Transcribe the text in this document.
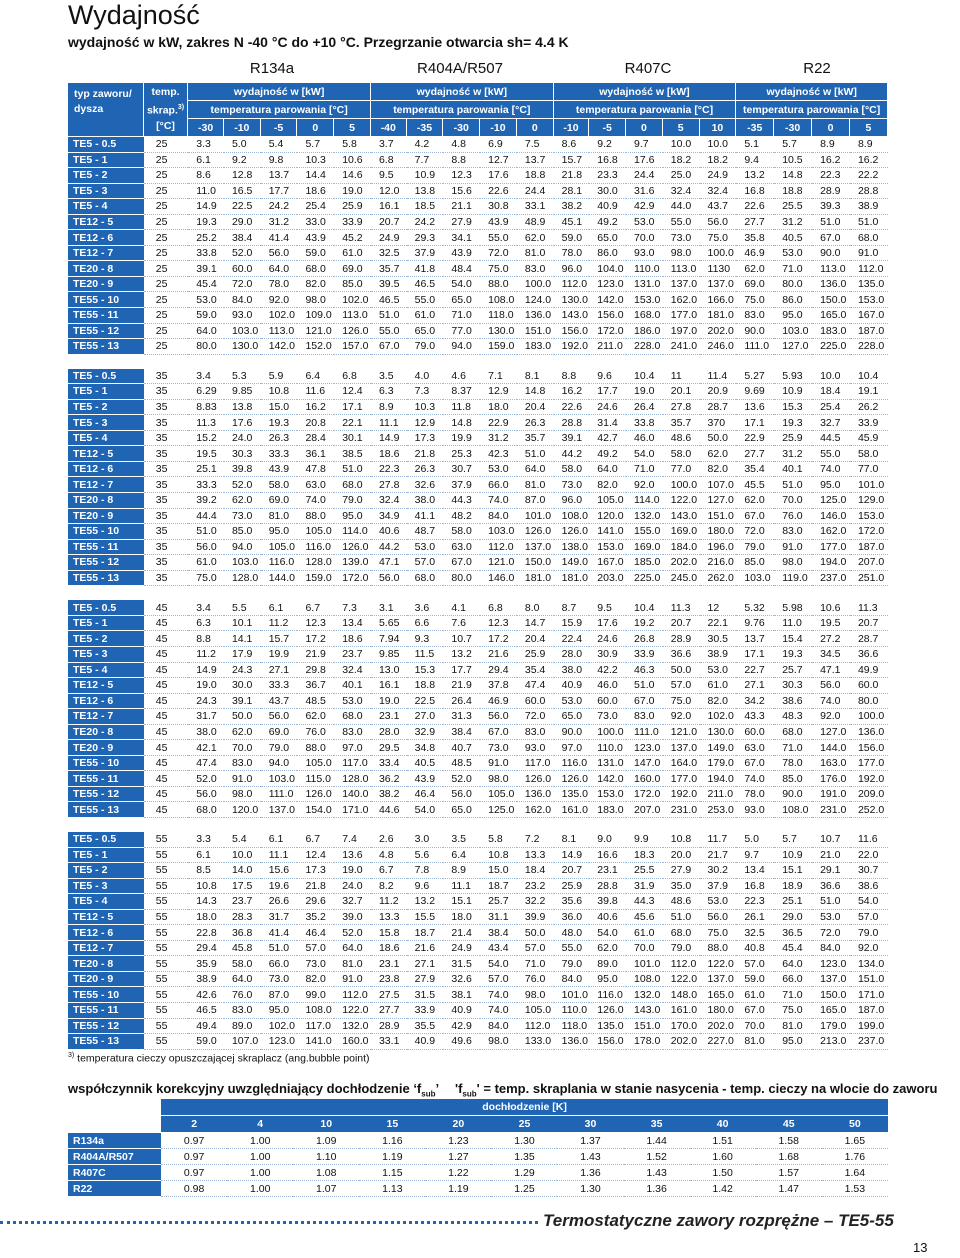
Wydajność
wydajność w kW, zakres N -40 °C do +10 °C. Przegrzanie otwarcia sh= 4.4 K
R134a	R404A/R507	R407C	R22
typ zaworu/ dysza	temp. skrap.$^{3)}$
[°C]	wydajność w [kW]					wydajność w [kW]					wydajność w [kW]					wydajność w [kW]			
		temperatura parowania [°C]					temperatura parowania [°C]					temperatura parowania [°C]					temperatura parowania [°C]			
		-30	-10	-5	0	5	-40	-35	-30	-10	0	-10	-5	0	5	10	-35	-30	0	5
TE5 - 0.5	25	3.3	5.0	5.4	5.7	5.8	3.7	4.2	4.8	6.9	7.5	8.6	9.2	9.7	10.0	10.0	5.1	5.7	8.9	8.9
TE5 - 1	25	6.1	9.2	9.8	10.3	10.6	6.8	7.7	8.8	12.7	13.7	15.7	16.8	17.6	18.2	18.2	9.4	10.5	16.2	16.2
TE5 - 2	25	8.6	12.8	13.7	14.4	14.6	9.5	10.9	12.3	17.6	18.8	21.8	23.3	24.4	25.0	24.9	13.2	14.8	22.3	22.2
TE5 - 3	25	11.0	16.5	17.7	18.6	19.0	12.0	13.8	15.6	22.6	24.4	28.1	30.0	31.6	32.4	32.4	16.8	18.8	28.9	28.8
TE5 - 4	25	14.9	22.5	24.2	25.4	25.9	16.1	18.5	21.1	30.8	33.1	38.2	40.9	42.9	44.0	43.7	22.6	25.5	39.3	38.9
TE12 - 5	25	19.3	29.0	31.2	33.0	33.9	20.7	24.2	27.9	43.9	48.9	45.1	49.2	53.0	55.0	56.0	27.7	31.2	51.0	51.0
TE12 - 6	25	25.2	38.4	41.4	43.9	45.2	24.9	29.3	34.1	55.0	62.0	59.0	65.0	70.0	73.0	75.0	35.8	40.5	67.0	68.0
TE12 - 7	25	33.8	52.0	56.0	59.0	61.0	32.5	37.9	43.9	72.0	81.0	78.0	86.0	93.0	98.0	100.0	46.9	53.0	90.0	91.0
TE20 - 8	25	39.1	60.0	64.0	68.0	69.0	35.7	41.8	48.4	75.0	83.0	96.0	104.0	110.0	113.0	1130	62.0	71.0	113.0	112.0
TE20 - 9	25	45.4	72.0	78.0	82.0	85.0	39.5	46.5	54.0	88.0	100.0	112.0	123.0	131.0	137.0	137.0	69.0	80.0	136.0	135.0
TE55 - 10	25	53.0	84.0	92.0	98.0	102.0	46.5	55.0	65.0	108.0	124.0	130.0	142.0	153.0	162.0	166.0	75.0	86.0	150.0	153.0
TE55 - 11	25	59.0	93.0	102.0	109.0	113.0	51.0	61.0	71.0	118.0	136.0	143.0	156.0	168.0	177.0	181.0	83.0	95.0	165.0	167.0
TE55 - 12	25	64.0	103.0	113.0	121.0	126.0	55.0	65.0	77.0	130.0	151.0	156.0	172.0	186.0	197.0	202.0	90.0	103.0	183.0	187.0
TE55 - 13	25	80.0	130.0	142.0	152.0	157.0	67.0	79.0	94.0	159.0	183.0	192.0	211.0	228.0	241.0	246.0	111.0	127.0	225.0	228.0

TE5 - 0.5	35	3.4	5.3	5.9	6.4	6.8	3.5	4.0	4.6	7.1	8.1	8.8	9.6	10.4	11	11.4	5.27	5.93	10.0	10.4
TE5 - 1	35	6.29	9.85	10.8	11.6	12.4	6.3	7.3	8.37	12.9	14.8	16.2	17.7	19.0	20.1	20.9	9.69	10.9	18.4	19.1
TE5 - 2	35	8.83	13.8	15.0	16.2	17.1	8.9	10.3	11.8	18.0	20.4	22.6	24.6	26.4	27.8	28.7	13.6	15.3	25.4	26.2
TE5 - 3	35	11.3	17.6	19.3	20.8	22.1	11.1	12.9	14.8	22.9	26.3	28.8	31.4	33.8	35.7	370	17.1	19.3	32.7	33.9
TE5 - 4	35	15.2	24.0	26.3	28.4	30.1	14.9	17.3	19.9	31.2	35.7	39.1	42.7	46.0	48.6	50.0	22.9	25.9	44.5	45.9
TE12 - 5	35	19.5	30.3	33.3	36.1	38.5	18.6	21.8	25.3	42.3	51.0	44.2	49.2	54.0	58.0	62.0	27.7	31.2	55.0	58.0
TE12 - 6	35	25.1	39.8	43.9	47.8	51.0	22.3	26.3	30.7	53.0	64.0	58.0	64.0	71.0	77.0	82.0	35.4	40.1	74.0	77.0
TE12 - 7	35	33.3	52.0	58.0	63.0	68.0	27.8	32.6	37.9	66.0	81.0	73.0	82.0	92.0	100.0	107.0	45.5	51.0	95.0	101.0
TE20 - 8	35	39.2	62.0	69.0	74.0	79.0	32.4	38.0	44.3	74.0	87.0	96.0	105.0	114.0	122.0	127.0	62.0	70.0	125.0	129.0
TE20 - 9	35	44.4	73.0	81.0	88.0	95.0	34.9	41.1	48.2	84.0	101.0	108.0	120.0	132.0	143.0	151.0	67.0	76.0	146.0	153.0
TE55 - 10	35	51.0	85.0	95.0	105.0	114.0	40.6	48.7	58.0	103.0	126.0	126.0	141.0	155.0	169.0	180.0	72.0	83.0	162.0	172.0
TE55 - 11	35	56.0	94.0	105.0	116.0	126.0	44.2	53.0	63.0	112.0	137.0	138.0	153.0	169.0	184.0	196.0	79.0	91.0	177.0	187.0
TE55 - 12	35	61.0	103.0	116.0	128.0	139.0	47.1	57.0	67.0	121.0	150.0	149.0	167.0	185.0	202.0	216.0	85.0	98.0	194.0	207.0
TE55 - 13	35	75.0	128.0	144.0	159.0	172.0	56.0	68.0	80.0	146.0	181.0	181.0	203.0	225.0	245.0	262.0	103.0	119.0	237.0	251.0

TE5 - 0.5	45	3.4	5.5	6.1	6.7	7.3	3.1	3.6	4.1	6.8	8.0	8.7	9.5	10.4	11.3	12	5.32	5.98	10.6	11.3
TE5 - 1	45	6.3	10.1	11.2	12.3	13.4	5.65	6.6	7.6	12.3	14.7	15.9	17.6	19.2	20.7	22.1	9.76	11.0	19.5	20.7
TE5 - 2	45	8.8	14.1	15.7	17.2	18.6	7.94	9.3	10.7	17.2	20.4	22.4	24.6	26.8	28.9	30.5	13.7	15.4	27.2	28.7
TE5 - 3	45	11.2	17.9	19.9	21.9	23.7	9.85	11.5	13.2	21.6	25.9	28.0	30.9	33.9	36.6	38.9	17.1	19.3	34.5	36.6
TE5 - 4	45	14.9	24.3	27.1	29.8	32.4	13.0	15.3	17.7	29.4	35.4	38.0	42.2	46.3	50.0	53.0	22.7	25.7	47.1	49.9
TE12 - 5	45	19.0	30.0	33.3	36.7	40.1	16.1	18.8	21.9	37.8	47.4	40.9	46.0	51.0	57.0	61.0	27.1	30.3	56.0	60.0
TE12 - 6	45	24.3	39.1	43.7	48.5	53.0	19.0	22.5	26.4	46.9	60.0	53.0	60.0	67.0	75.0	82.0	34.2	38.6	74.0	80.0
TE12 - 7	45	31.7	50.0	56.0	62.0	68.0	23.1	27.0	31.3	56.0	72.0	65.0	73.0	83.0	92.0	102.0	43.3	48.3	92.0	100.0
TE20 - 8	45	38.0	62.0	69.0	76.0	83.0	28.0	32.9	38.4	67.0	83.0	90.0	100.0	111.0	121.0	130.0	60.0	68.0	127.0	136.0
TE20 - 9	45	42.1	70.0	79.0	88.0	97.0	29.5	34.8	40.7	73.0	93.0	97.0	110.0	123.0	137.0	149.0	63.0	71.0	144.0	156.0
TE55 - 10	45	47.4	83.0	94.0	105.0	117.0	33.4	40.5	48.5	91.0	117.0	116.0	131.0	147.0	164.0	179.0	67.0	78.0	163.0	177.0
TE55 - 11	45	52.0	91.0	103.0	115.0	128.0	36.2	43.9	52.0	98.0	126.0	126.0	142.0	160.0	177.0	194.0	74.0	85.0	176.0	192.0
TE55 - 12	45	56.0	98.0	111.0	126.0	140.0	38.2	46.4	56.0	105.0	136.0	135.0	153.0	172.0	192.0	211.0	78.0	90.0	191.0	209.0
TE55 - 13	45	68.0	120.0	137.0	154.0	171.0	44.6	54.0	65.0	125.0	162.0	161.0	183.0	207.0	231.0	253.0	93.0	108.0	231.0	252.0

TE5 - 0.5	55	3.3	5.4	6.1	6.7	7.4	2.6	3.0	3.5	5.8	7.2	8.1	9.0	9.9	10.8	11.7	5.0	5.7	10.7	11.6
TE5 - 1	55	6.1	10.0	11.1	12.4	13.6	4.8	5.6	6.4	10.8	13.3	14.9	16.6	18.3	20.0	21.7	9.7	10.9	21.0	22.0
TE5 - 2	55	8.5	14.0	15.6	17.3	19.0	6.7	7.8	8.9	15.0	18.4	20.7	23.1	25.5	27.9	30.2	13.4	15.1	29.1	30.7
TE5 - 3	55	10.8	17.5	19.6	21.8	24.0	8.2	9.6	11.1	18.7	23.2	25.9	28.8	31.9	35.0	37.9	16.8	18.9	36.6	38.6
TE5 - 4	55	14.3	23.7	26.6	29.6	32.7	11.2	13.2	15.1	25.7	32.2	35.6	39.8	44.3	48.6	53.0	22.3	25.1	51.0	54.0
TE12 - 5	55	18.0	28.3	31.7	35.2	39.0	13.3	15.5	18.0	31.1	39.9	36.0	40.6	45.6	51.0	56.0	26.1	29.0	53.0	57.0
TE12 - 6	55	22.8	36.8	41.4	46.4	52.0	15.8	18.7	21.4	38.4	50.0	48.0	54.0	61.0	68.0	75.0	32.5	36.5	72.0	79.0
TE12 - 7	55	29.4	45.8	51.0	57.0	64.0	18.6	21.6	24.9	43.4	57.0	55.0	62.0	70.0	79.0	88.0	40.8	45.4	84.0	92.0
TE20 - 8	55	35.9	58.0	66.0	73.0	81.0	23.1	27.1	31.5	54.0	71.0	79.0	89.0	101.0	112.0	122.0	57.0	64.0	123.0	134.0
TE20 - 9	55	38.9	64.0	73.0	82.0	91.0	23.8	27.9	32.6	57.0	76.0	84.0	95.0	108.0	122.0	137.0	59.0	66.0	137.0	151.0
TE55 - 10	55	42.6	76.0	87.0	99.0	112.0	27.5	31.5	38.1	74.0	98.0	101.0	116.0	132.0	148.0	165.0	61.0	71.0	150.0	171.0
TE55 - 11	55	46.5	83.0	95.0	108.0	122.0	27.7	33.9	40.9	74.0	105.0	110.0	126.0	143.0	161.0	180.0	67.0	75.0	165.0	187.0
TE55 - 12	55	49.4	89.0	102.0	117.0	132.0	28.9	35.5	42.9	84.0	112.0	118.0	135.0	151.0	170.0	202.0	70.0	81.0	179.0	199.0
TE55 - 13	55	59.0	107.0	123.0	141.0	160.0	33.1	40.9	49.6	98.0	133.0	136.0	156.0	178.0	202.0	227.0	81.0	95.0	213.0	237.0
$^{3)}$ temperatura cieczy opuszczającej skraplacz (ang.bubble point)
współczynnik korekcyjny uwzględniający dochłodzenie ‘$f_{sub}$’ '$f_{sub}$' = temp. skraplania w stanie nasycenia - temp. cieczy na wlocie do zaworu
	dochłodzenie [K]										
	2	4	10	15	20	25	30	35	40	45	50
R134a	0.97	1.00	1.09	1.16	1.23	1.30	1.37	1.44	1.51	1.58	1.65
R404A/R507	0.97	1.00	1.10	1.19	1.27	1.35	1.43	1.52	1.60	1.68	1.76
R407C	0.97	1.00	1.08	1.15	1.22	1.29	1.36	1.43	1.50	1.57	1.64
R22	0.98	1.00	1.07	1.13	1.19	1.25	1.30	1.36	1.42	1.47	1.53
Termostatyczne zawory rozprężne – TE5-55
13
